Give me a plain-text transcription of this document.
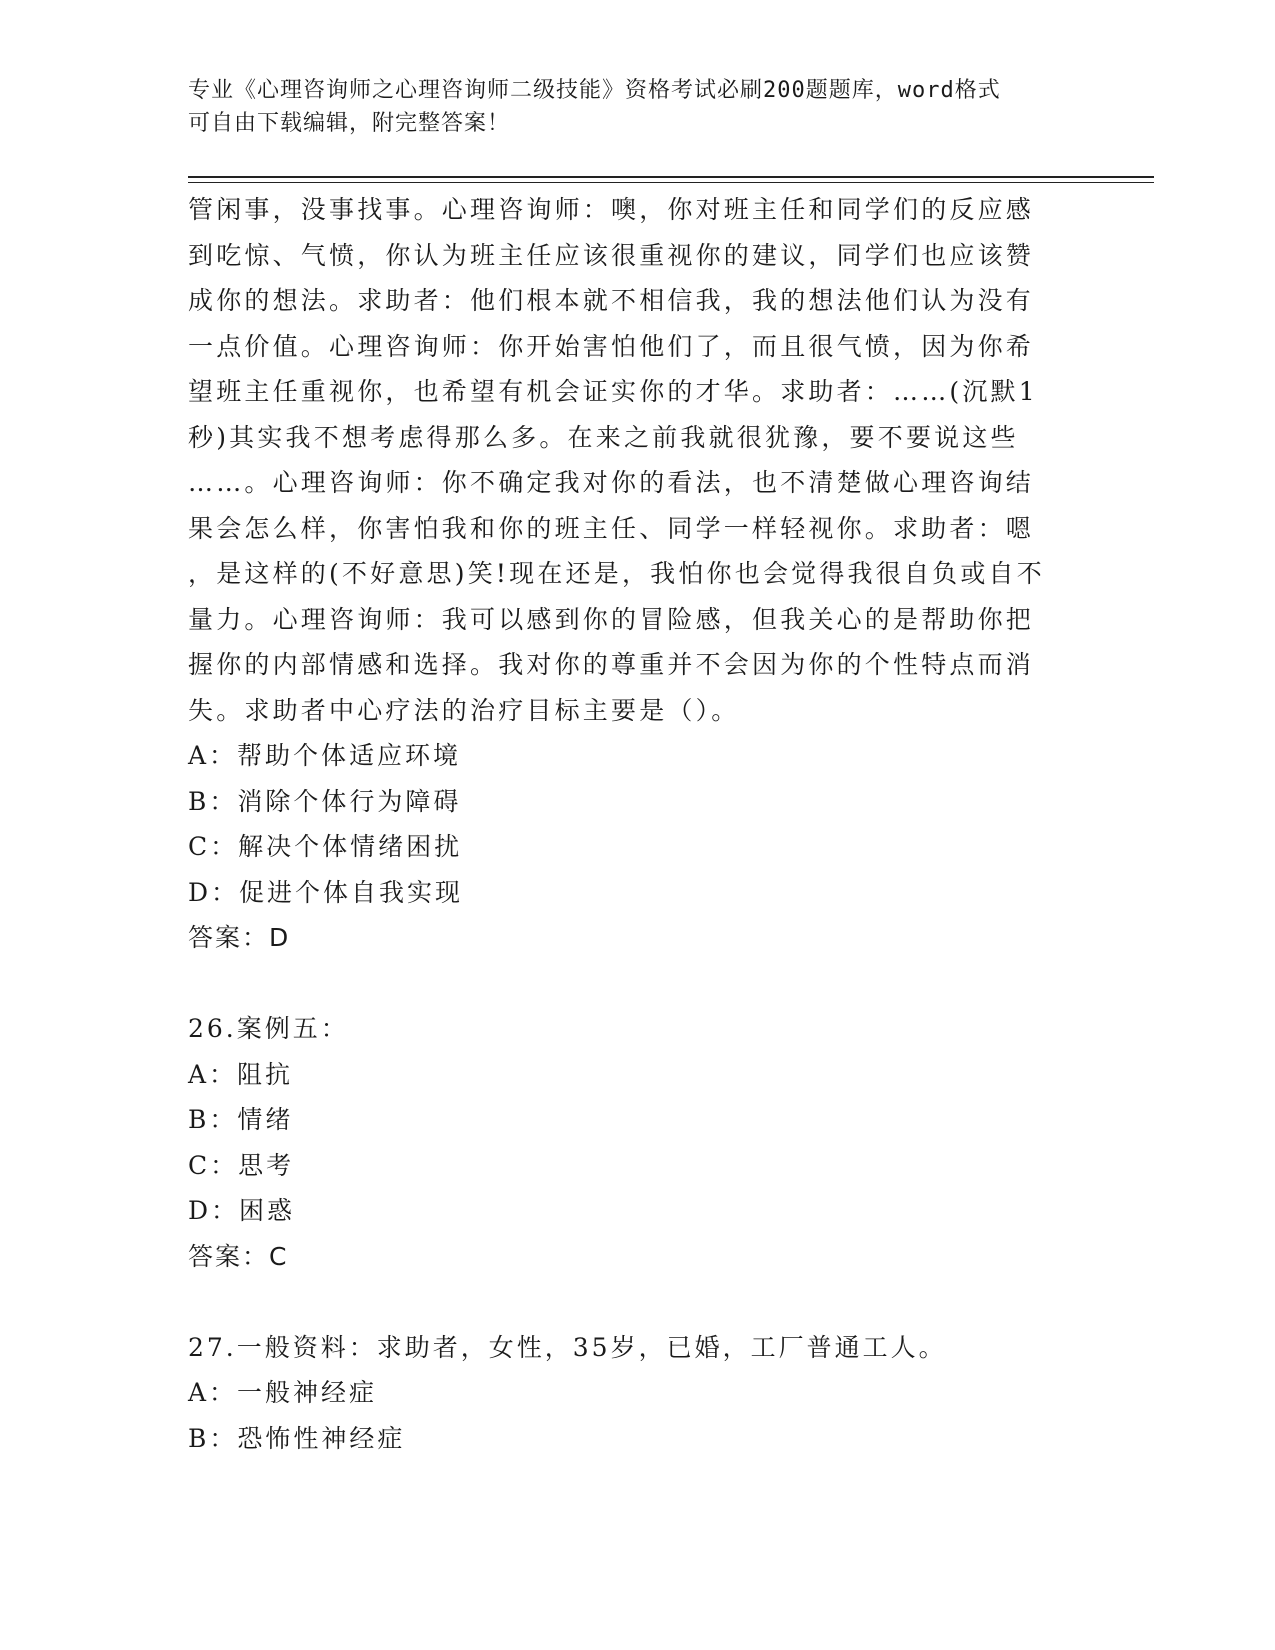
专业《心理咨询师之心理咨询师二级技能》资格考试必刷200题题库，word格式
可自由下载编辑，附完整答案！
管闲事，没事找事。心理咨询师：噢，你对班主任和同学们的反应感
到吃惊、气愤，你认为班主任应该很重视你的建议，同学们也应该赞
成你的想法。求助者：他们根本就不相信我，我的想法他们认为没有
一点价值。心理咨询师：你开始害怕他们了，而且很气愤，因为你希
望班主任重视你，也希望有机会证实你的才华。求助者：……(沉默1
秒)其实我不想考虑得那么多。在来之前我就很犹豫，要不要说这些
……。心理咨询师：你不确定我对你的看法，也不清楚做心理咨询结
果会怎么样，你害怕我和你的班主任、同学一样轻视你。求助者：嗯
，是这样的(不好意思)笑!现在还是，我怕你也会觉得我很自负或自不
量力。心理咨询师：我可以感到你的冒险感，但我关心的是帮助你把
握你的内部情感和选择。我对你的尊重并不会因为你的个性特点而消
失。求助者中心疗法的治疗目标主要是（）。

A：帮助个体适应环境

B：消除个体行为障碍

C：解决个体情绪困扰

D：促进个体自我实现

答案：D

26.案例五：

A：阻抗

B：情绪

C：思考

D：困惑

答案：C

27.一般资料：求助者，女性，35岁，已婚，工厂普通工人。

A：一般神经症

B：恐怖性神经症
